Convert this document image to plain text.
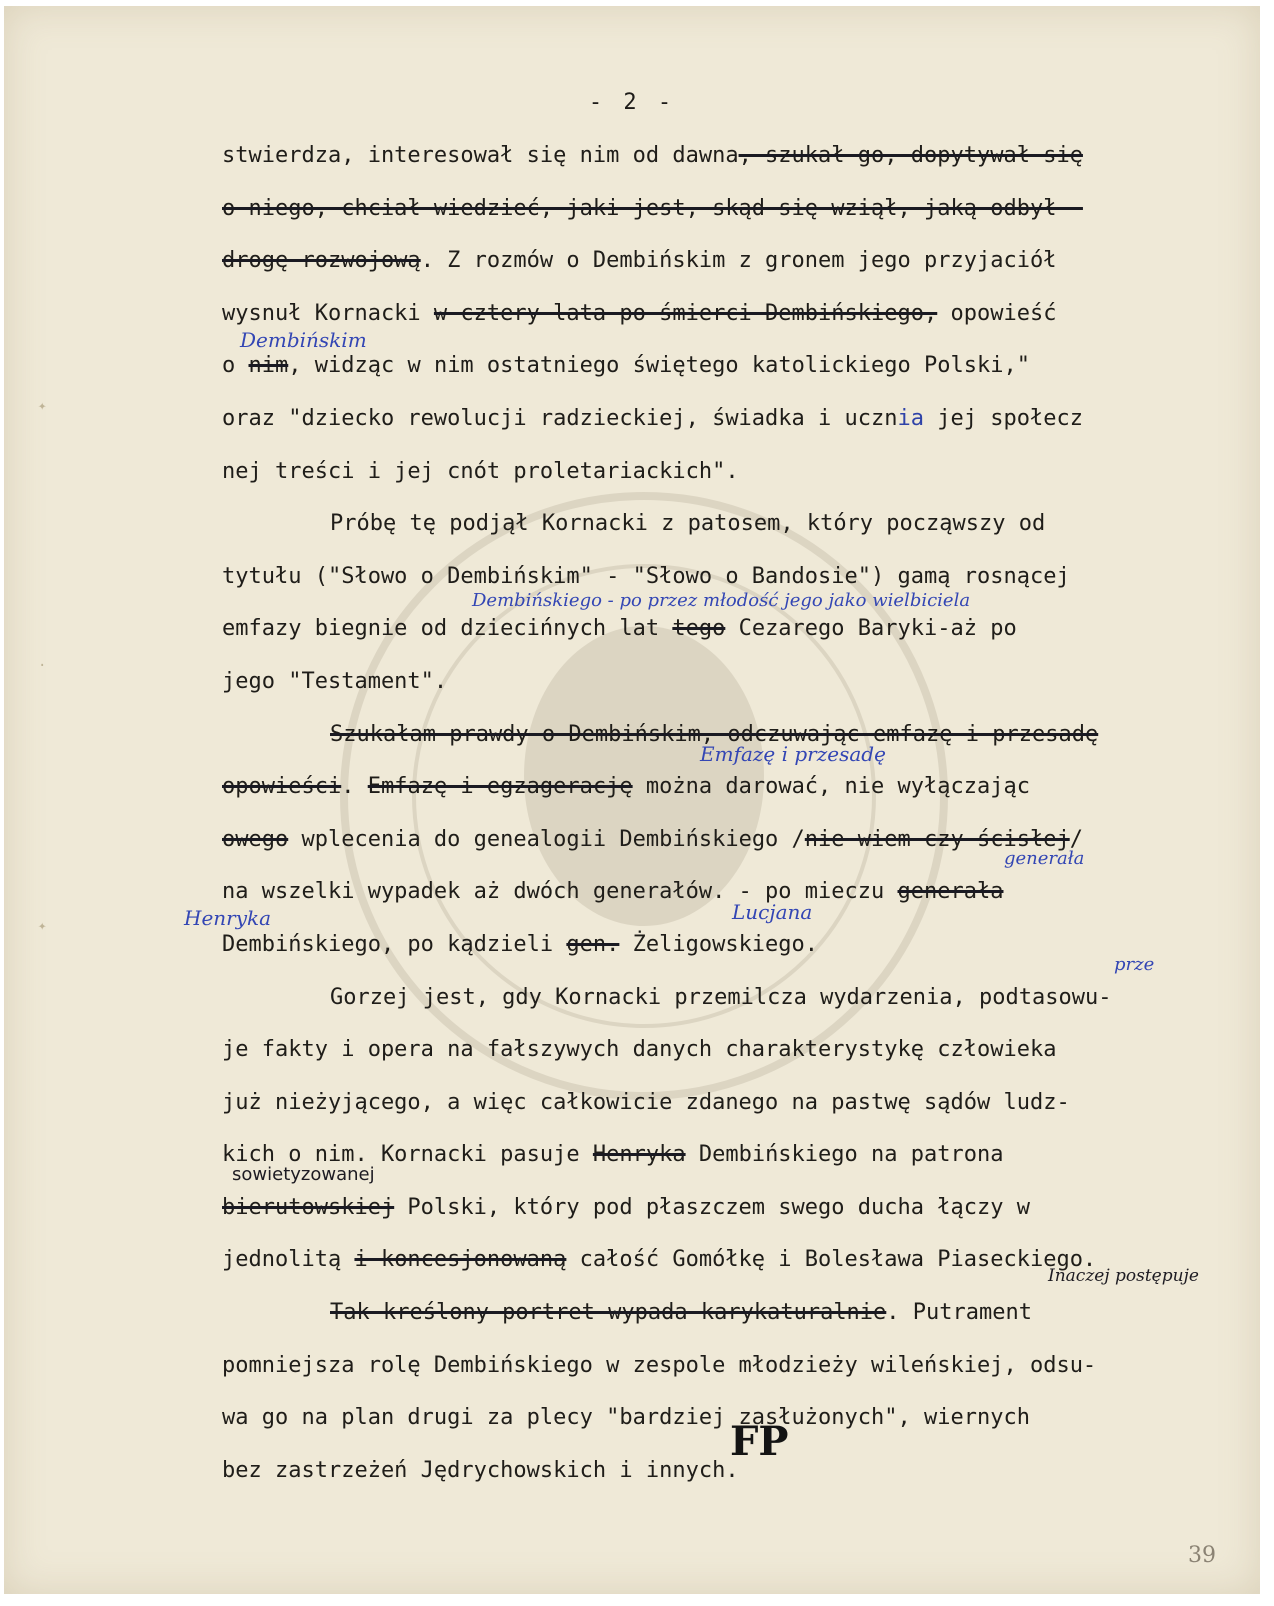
✦
·
✦
- 2 -
stwierdza, interesował się nim od dawna, szukał go, dopytywał się
o niego, chciał wiedzieć, jaki jest, skąd się wziął, jaką odbył -
drogę rozwojową. Z rozmów o Dembińskim z gronem jego przyjaciół
wysnuł Kornacki w cztery lata po śmierci Dembińskiego, opowieść
o nim, widząc w nim ostatniego świętego katolickiego Polski,"
oraz "dziecko rewolucji radzieckiej, świadka i ucznia jej społecz
nej treści i jej cnót proletariackich".
Próbę tę podjął Kornacki z patosem, który począwszy od
tytułu ("Słowo o Dembińskim" - "Słowo o Bandosie") gamą rosnącej
emfazy biegnie od dziecińnych lat tego Cezarego Baryki-aż po
jego "Testament".
Szukałam prawdy o Dembińskim, odczuwając emfazę i przesadę
opowieści. Emfazę i egzagerację można darować, nie wyłączając
owego wplecenia do genealogii Dembińskiego /nie wiem czy ścisłej/
na wszelki wypadek aż dwóch generałów. - po mieczu generała
Dembińskiego, po kądzieli gen. Żeligowskiego.
Gorzej jest, gdy Kornacki przemilcza wydarzenia, podtasowu-
je fakty i opera na fałszywych danych charakterystykę człowieka
już nieżyjącego, a więc całkowicie zdanego na pastwę sądów ludz-
kich o nim. Kornacki pasuje Henryka Dembińskiego na patrona
bierutowskiej Polski, który pod płaszczem swego ducha łączy w
jednolitą i koncesjonowaną całość Gomółkę i Bolesława Piaseckiego.
Tak kreślony portret wypada karykaturalnie. Putrament
pomniejsza rolę Dembińskiego w zespole młodzieży wileńskiej, odsu-
wa go na plan drugi za plecy "bardziej zasłużonych", wiernych
bez zastrzeżeń Jędrychowskich i innych.
Dembińskim
Dembińskiego - po przez młodość jego jako wielbiciela
Emfazę i przesadę
generała
Henryka	Lucjana
prze
sowietyzowanej
Inaczej postępuje
FP
39
